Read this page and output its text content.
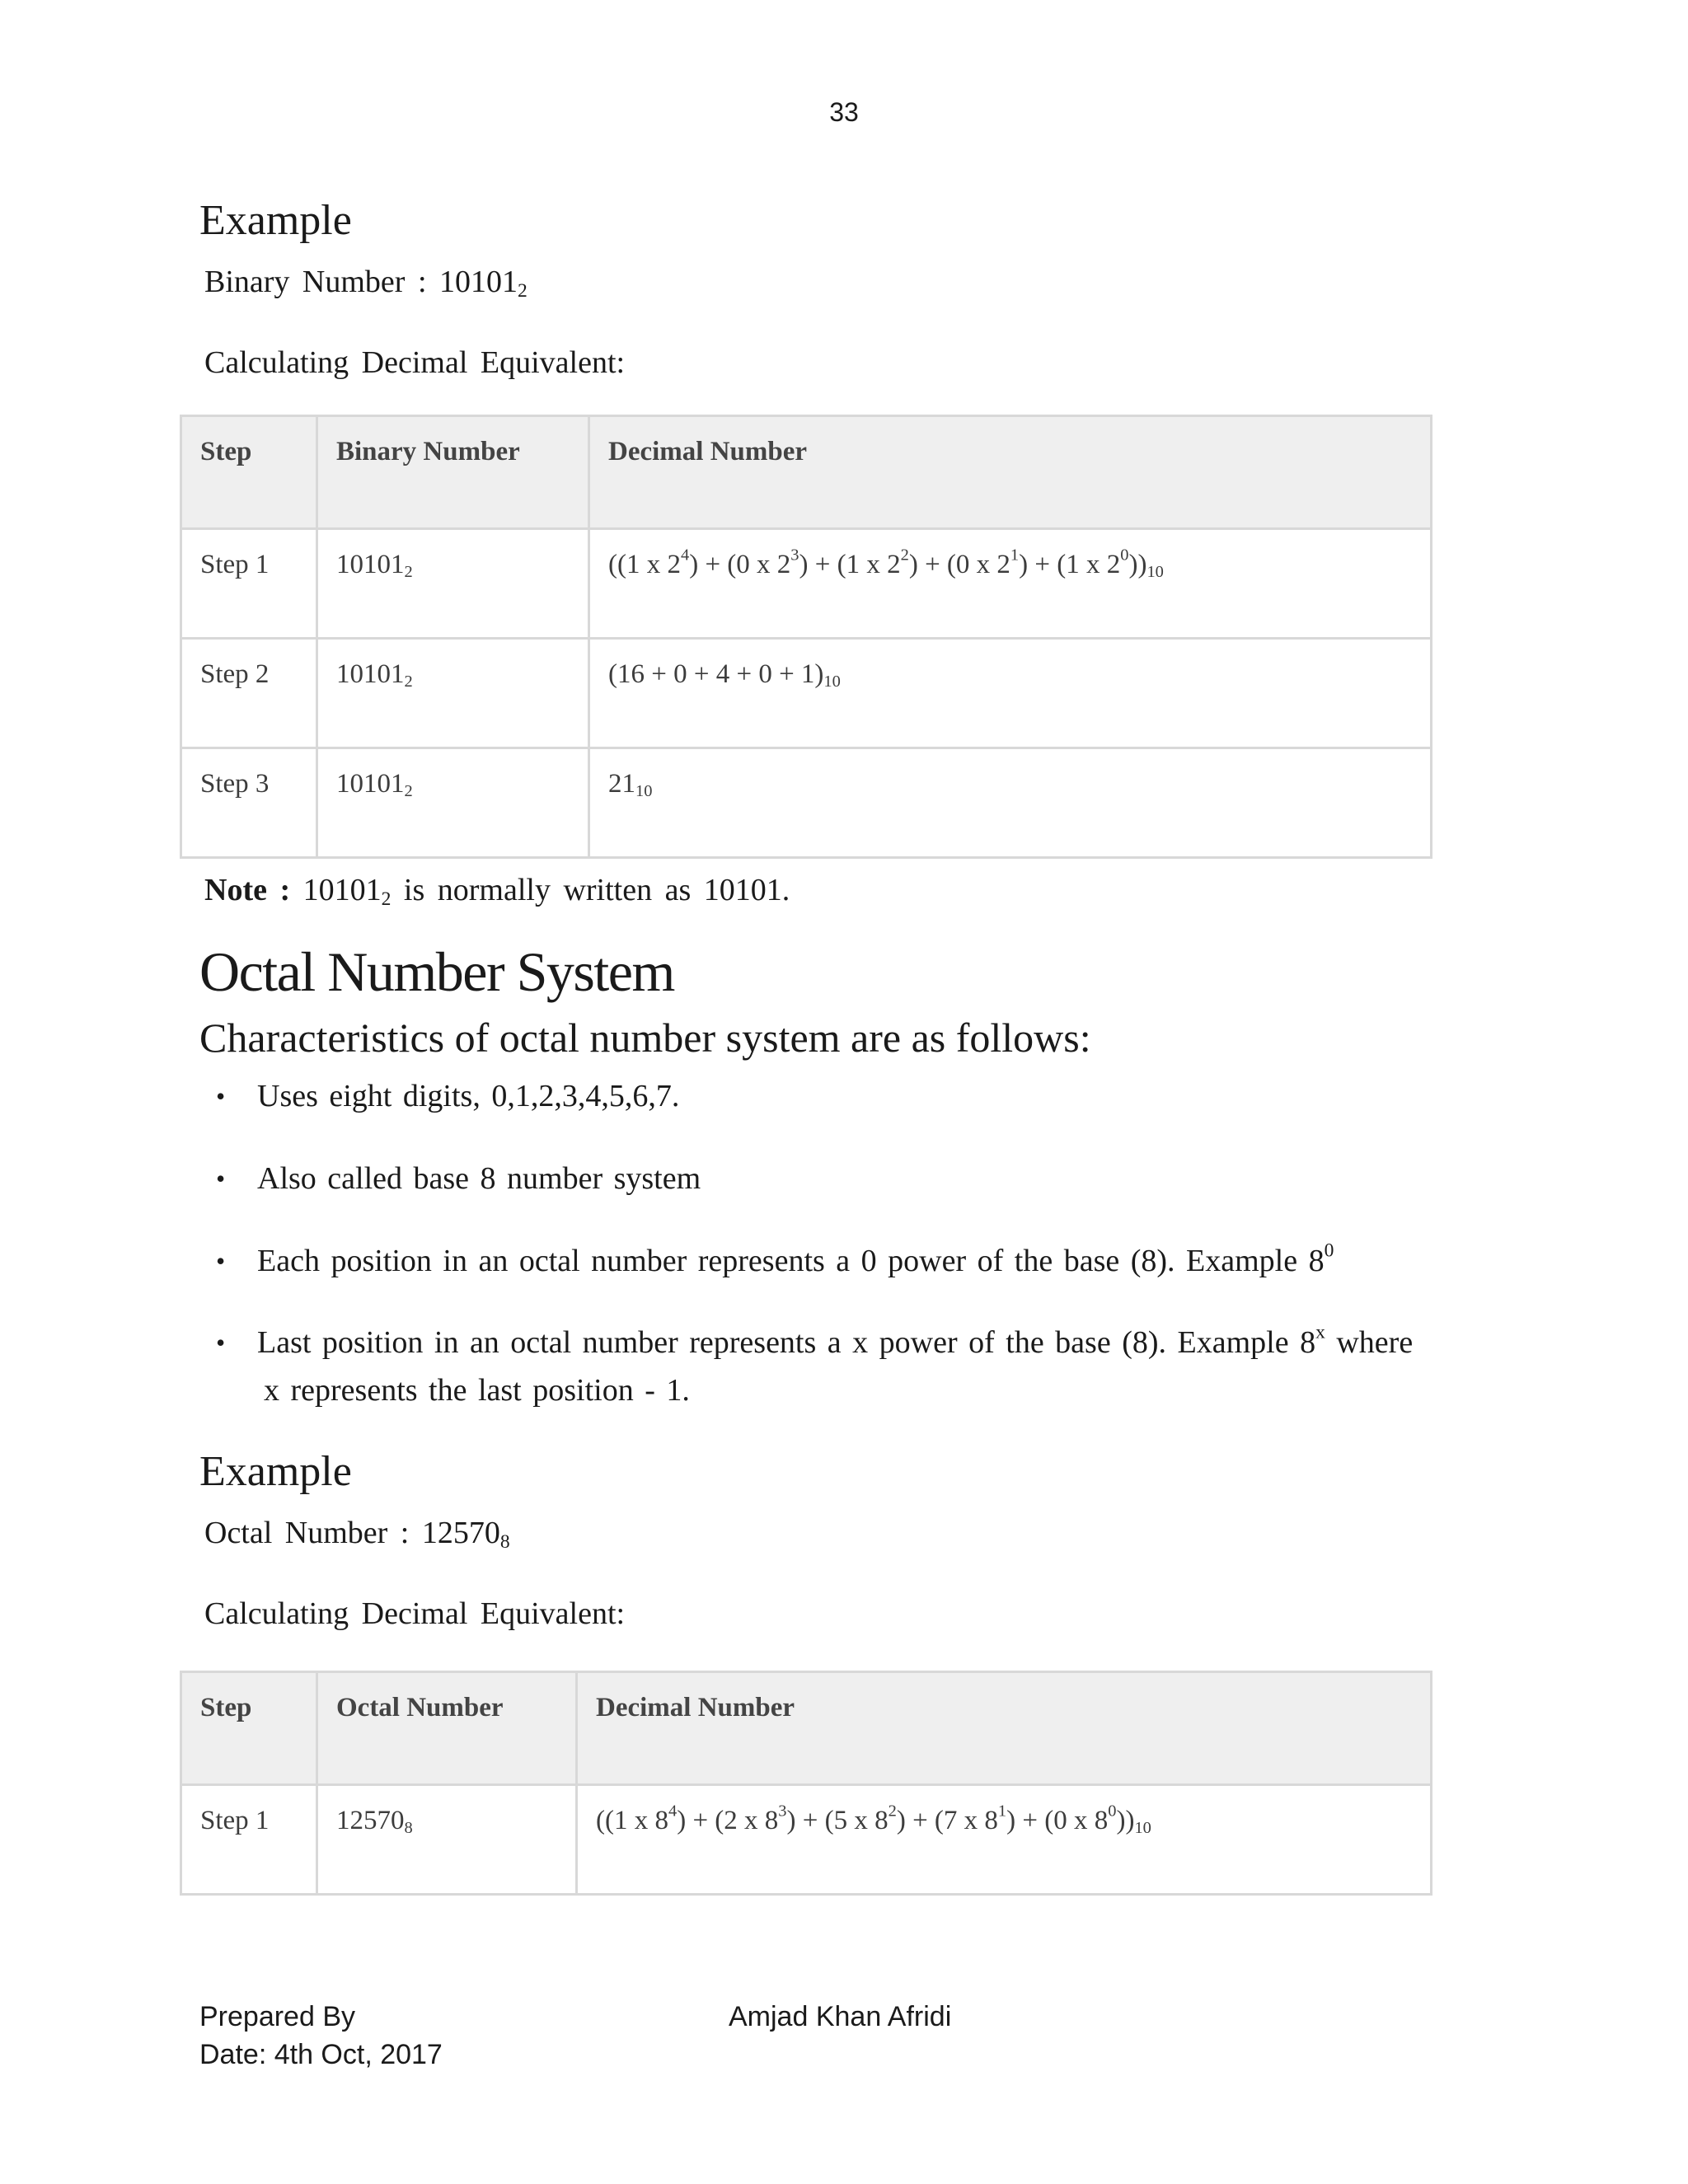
33
Example
Binary Number : $10101_2$
Calculating Decimal Equivalent:
Step	Binary Number	Decimal Number
Step 1	$10101_2$	((1 x $2^4) + (0$ x $2^3) + (1$ x $2^2) + (0$ x $2^1) + (1$ x $2^0))_{10}$
Step 2	$10101_2$	$(16 + 0 + 4 + 0 + 1)_{10}$
Step 3	$10101_2$	$21_{10}$
Note : $10101_2$ is normally written as 10101.
Octal Number System
Characteristics of octal number system are as follows:
• Uses eight digits, 0,1,2,3,4,5,6,7.
• Also called base 8 number system
• Each position in an octal number represents a 0 power of the base (8). Example $8^0$
• Last position in an octal number represents a x power of the base (8). Example 8$^x$ where
x represents the last position - 1.
Example
Octal Number : $12570_8$
Calculating Decimal Equivalent:
Step	Octal Number	Decimal Number
Step 1	$12570_8$	((1 x $8^4) + (2$ x $8^3) + (5$ x $8^2) + (7$ x $8^1) + (0$ x $8^0))_{10}$
Prepared By	Amjad Khan Afridi
Date: 4th Oct, 2017
